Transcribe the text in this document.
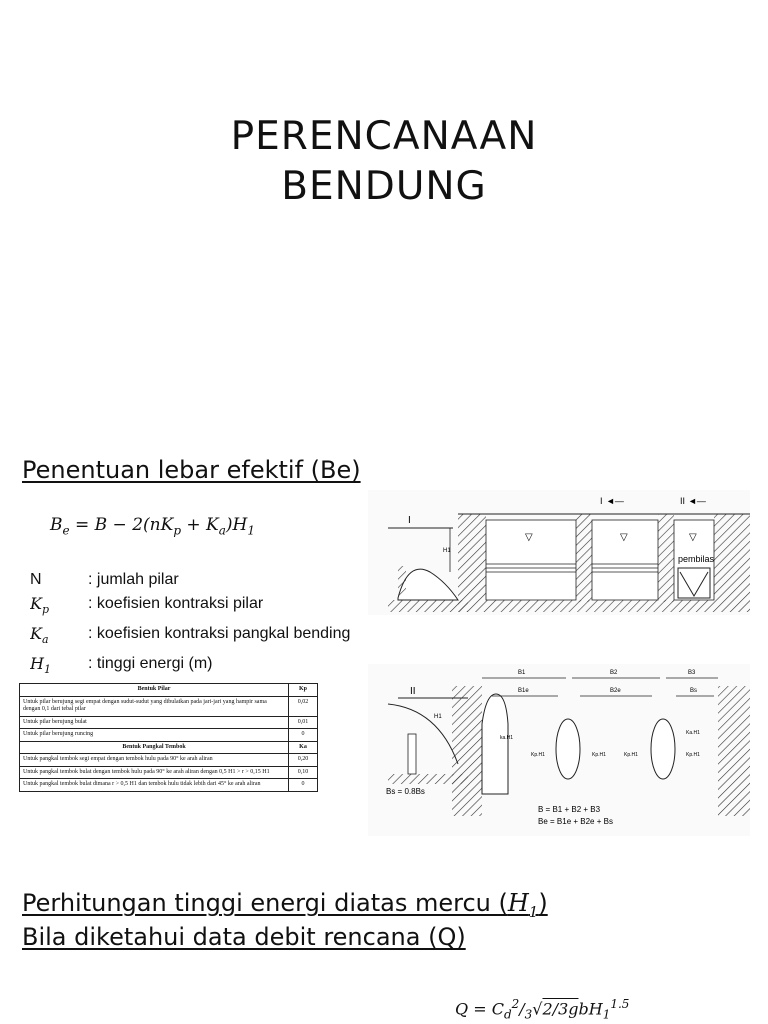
PERENCANAAN
BENDUNG
Penentuan lebar efektif (Be)
$B_e = B - 2(nK_p + K_a)H_1$
N	: jumlah pilar
$K_p$	: koefisien kontraksi pilar
$K_a$	: koefisien kontraksi pangkal bending
$H_1$	: tinggi energi (m)
Bentuk Pilar	Kp
Untuk pilar berujung segi empat dengan sudut-sudut yang dibulatkan pada jari-jari yang hampir sama dengan 0,1 dari tebal pilar	0,02
Untuk pilar berujung bulat	0,01
Untuk pilar berujung runcing	0
Bentuk Pangkal Tembok	Ka
Untuk pangkal tembok segi empat dengan tembok hulu pada 90° ke arah aliran	0,20
Untuk pangkal tembok bulat dengan tembok hulu pada 90° ke arah aliran dengan 0,5 H1 > r > 0,15 H1	0,10
Untuk pangkal tembok bulat dimana r > 0,5 H1 dan tembok hulu tidak lebih dari 45° ke arah aliran	0
I
H1
▽	▽	▽
pembilas
I ◄—	II ◄—
II
H1
B1	B2	B3
B1e	B2e	Bs
ka.H1
Kp.H1	Kp.H1	Kp.H1	Kp.H1
Ka.H1
Bs = 0.8Bs
B = B1 + B2 + B3
Be = B1e + B2e + Bs
Perhitungan tinggi energi diatas mercu $(H_1)$
Bila diketahui data debit rencana (Q)
$Q = C_d^2/_3√2/3gbH_1^{1.5}$
